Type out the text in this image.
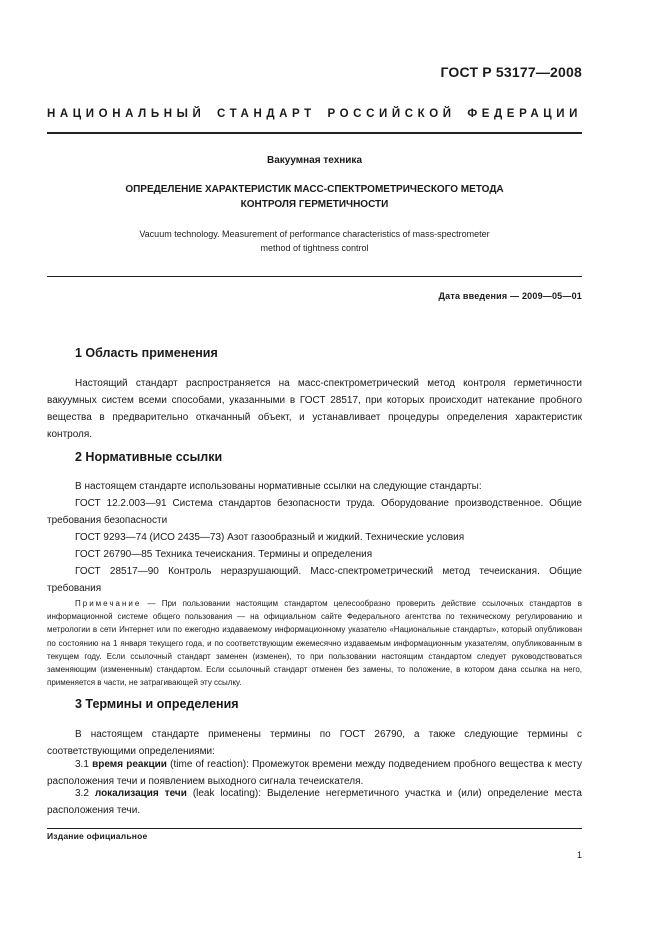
ГОСТ Р 53177—2008
НАЦИОНАЛЬНЫЙ СТАНДАРТ РОССИЙСКОЙ ФЕДЕРАЦИИ
Вакуумная техника
ОПРЕДЕЛЕНИЕ ХАРАКТЕРИСТИК МАСС-СПЕКТРОМЕТРИЧЕСКОГО МЕТОДА
КОНТРОЛЯ ГЕРМЕТИЧНОСТИ
Vacuum technology. Measurement of performance characteristics of mass-spectrometer
method of tightness control
Дата введения — 2009—05—01
1 Область применения

Настоящий стандарт распространяется на масс-спектрометрический метод контроля герметичности вакуумных систем всеми способами, указанными в ГОСТ 28517, при которых происходит натекание пробного вещества в предварительно откачанный объект, и устанавливает процедуры определения характеристик контроля.

2 Нормативные ссылки

В настоящем стандарте использованы нормативные ссылки на следующие стандарты:

ГОСТ 12.2.003—91 Система стандартов безопасности труда. Оборудование производственное. Общие требования безопасности

ГОСТ 9293—74 (ИСО 2435—73) Азот газообразный и жидкий. Технические условия

ГОСТ 26790—85 Техника течеискания. Термины и определения

ГОСТ 28517—90 Контроль неразрушающий. Масс-спектрометрический метод течеискания. Общие требования

Примечание — При пользовании настоящим стандартом целесообразно проверить действие ссылочных стандартов в информационной системе общего пользования — на официальном сайте Федерального агентства по техническому регулированию и метрологии в сети Интернет или по ежегодно издаваемому информационному указателю «Национальные стандарты», который опубликован по состоянию на 1 января текущего года, и по соответствующим ежемесячно издаваемым информационным указателям, опубликованным в текущем году. Если ссылочный стандарт заменен (изменен), то при пользовании настоящим стандартом следует руководствоваться заменяющим (измененным) стандартом. Если ссылочный стандарт отменен без замены, то положение, в котором дана ссылка на него, применяется в части, не затрагивающей эту ссылку.

3 Термины и определения

В настоящем стандарте применены термины по ГОСТ 26790, а также следующие термины с соответствующими определениями:

3.1 время реакции (time of reaction): Промежуток времени между подведением пробного вещества к месту расположения течи и появлением выходного сигнала течеискателя.

3.2 локализация течи (leak locating): Выделение негерметичного участка и (или) определение места расположения течи.

Издание официальное
1
